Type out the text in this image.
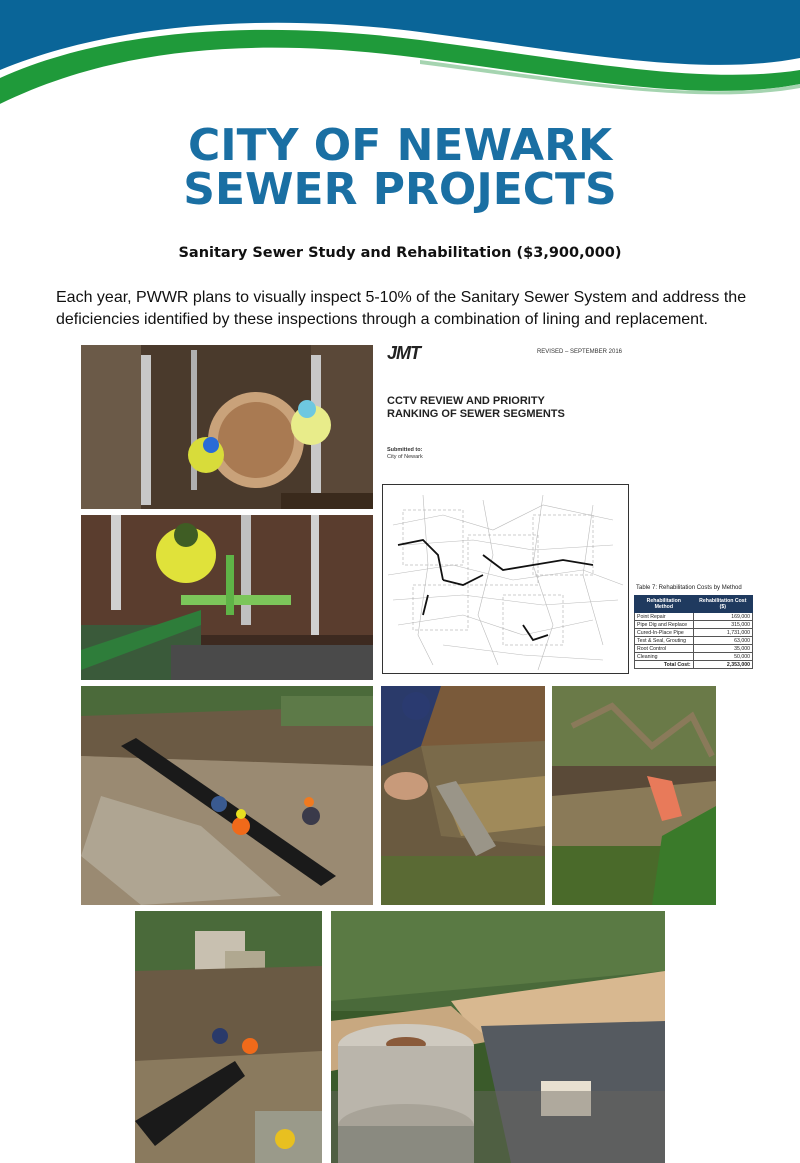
CITY OF NEWARK
SEWER PROJECTS
Sanitary Sewer Study and Rehabilitation ($3,900,000)
Each year, PWWR plans to visually inspect 5-10% of the Sanitary Sewer System and address the deficiencies identified by these inspections through a combination of lining and replacement.
JMT	REVISED – SEPTEMBER 2016
CCTV REVIEW AND PRIORITY
RANKING OF SEWER SEGMENTS
Submitted to:
City of Newark
Table 7: Rehabilitation Costs by Method
Rehabilitation Method	Rehabilitation Cost ($)
Point Repair	169,000
Pipe Dig and Replace	315,000
Cured-In-Place Pipe	1,731,000
Test & Seal, Grouting	63,000
Root Control	35,000
Cleaning	50,000
Total Cost:	2,353,000
